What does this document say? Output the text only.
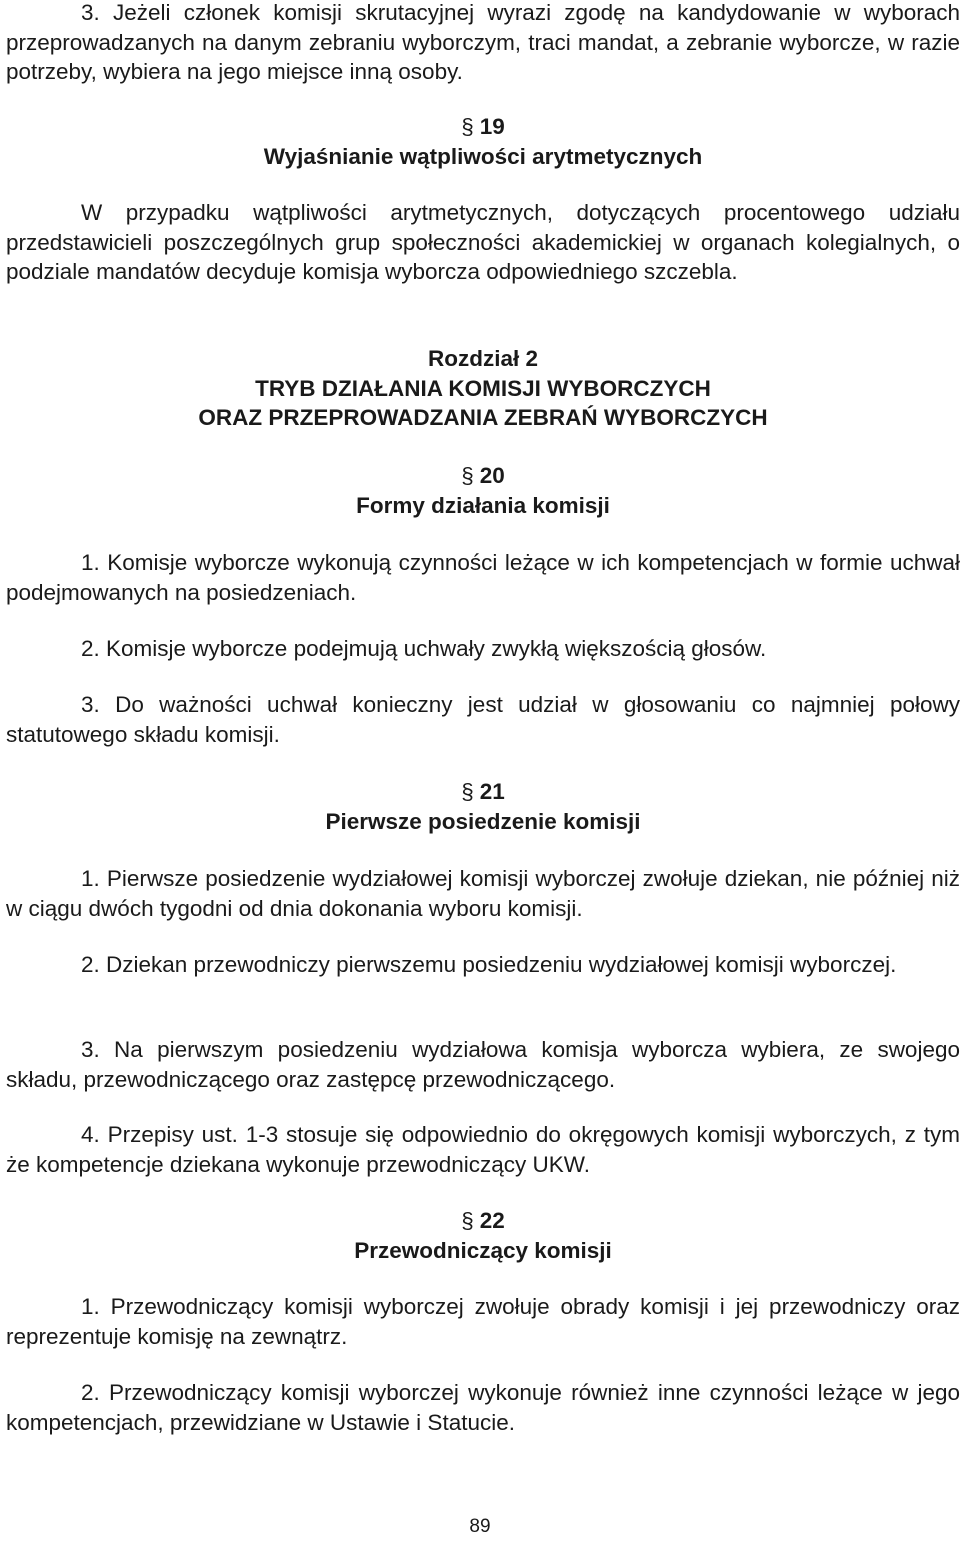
3. Jeżeli członek komisji skrutacyjnej wyrazi zgodę na kandydowanie w wyborach przeprowadzanych na danym zebraniu wyborczym, traci mandat, a zebranie wyborcze, w razie potrzeby, wybiera na jego miejsce inną osoby.

§19

Wyjaśnianie wątpliwości arytmetycznych

W przypadku wątpliwości arytmetycznych, dotyczących procentowego udziału przedstawicieli poszczególnych grup społeczności akademickiej w organach kolegialnych, o podziale mandatów decyduje komisja wyborcza odpowiedniego szczebla.

Rozdział 2

TRYB DZIAŁANIA KOMISJI WYBORCZYCH

ORAZ PRZEPROWADZANIA ZEBRAŃ WYBORCZYCH

§20

Formy działania komisji

1. Komisje wyborcze wykonują czynności leżące w ich kompetencjach w formie uchwał podejmowanych na posiedzeniach.

2. Komisje wyborcze podejmują uchwały zwykłą większością głosów.

3. Do ważności uchwał konieczny jest udział w głosowaniu co najmniej połowy statutowego składu komisji.

§21

Pierwsze posiedzenie komisji

1. Pierwsze posiedzenie wydziałowej komisji wyborczej zwołuje dziekan, nie później niż w ciągu dwóch tygodni od dnia dokonania wyboru komisji.

2. Dziekan przewodniczy pierwszemu posiedzeniu wydziałowej komisji wyborczej.

3. Na pierwszym posiedzeniu wydziałowa komisja wyborcza wybiera, ze swojego składu, przewodniczącego oraz zastępcę przewodniczącego.

4. Przepisy ust. 1-3 stosuje się odpowiednio do okręgowych komisji wyborczych, z tym że kompetencje dziekana wykonuje przewodniczący UKW.

§22

Przewodniczący komisji

1. Przewodniczący komisji wyborczej zwołuje obrady komisji i jej przewodniczy oraz reprezentuje komisję na zewnątrz.

2. Przewodniczący komisji wyborczej wykonuje również inne czynności leżące w jego kompetencjach, przewidziane w Ustawie i Statucie.

89
